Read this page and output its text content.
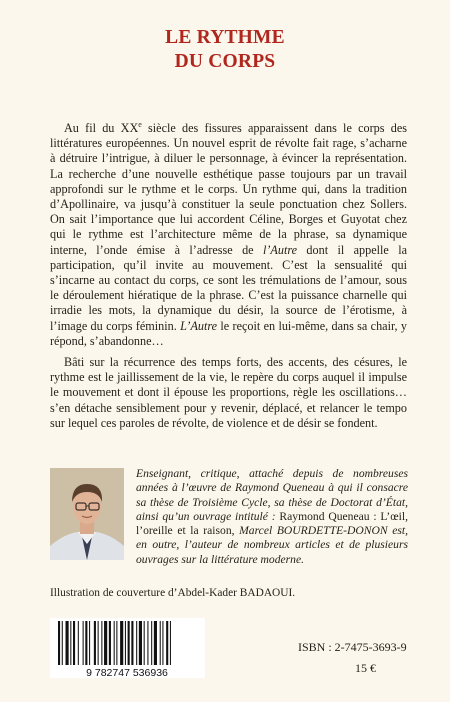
LE RYTHME
DU CORPS

Au fil du XXe siècle des fissures apparaissent dans le corps des littératures européennes. Un nouvel esprit de révolte fait rage, s’acharne à détruire l’intrigue, à diluer le personnage, à évincer la représentation. La recherche d’une nouvelle esthétique passe toujours par un travail approfondi sur le rythme et le corps. Un rythme qui, dans la tradition d’Apollinaire, va jusqu’à constituer la seule ponctuation chez Sollers. On sait l’importance que lui accordent Céline, Borges et Guyotat chez qui le rythme est l’architecture même de la phrase, sa dynamique interne, l’onde émise à l’adresse de l’Autre dont il appelle la participation, qu’il invite au mouvement. C’est la sensualité qui s’incarne au contact du corps, ce sont les trémulations de l’amour, sous le déroulement hiératique de la phrase. C’est la puissance charnelle qui irradie les mots, la dynamique du désir, la source de l’érotisme, à l’image du corps féminin. L’Autre le reçoit en lui-même, dans sa chair, y répond, s’abandonne…

Bâti sur la récurrence des temps forts, des accents, des césures, le rythme est le jaillissement de la vie, le repère du corps auquel il impulse le mouvement et dont il épouse les proportions, règle les oscillations… s’en détache sensiblement pour y revenir, déplacé, et relancer le tempo sur lequel ces paroles de révolte, de violence et de désir se fondent.

Enseignant, critique, attaché depuis de nombreuses années à l’œuvre de Raymond Queneau à qui il consacre sa thèse de Troisième Cycle, sa thèse de Doctorat d’État, ainsi qu’un ouvrage intitulé : Raymond Queneau : L’œil, l’oreille et la raison, Marcel BOURDETTE-DONON est, en outre, l’auteur de nombreux articles et de plusieurs ouvrages sur la littérature moderne.
Illustration de couverture d’Abdel-Kader BADAOUI.
9 782747 536936
ISBN : 2-7475-3693-9
15 €
